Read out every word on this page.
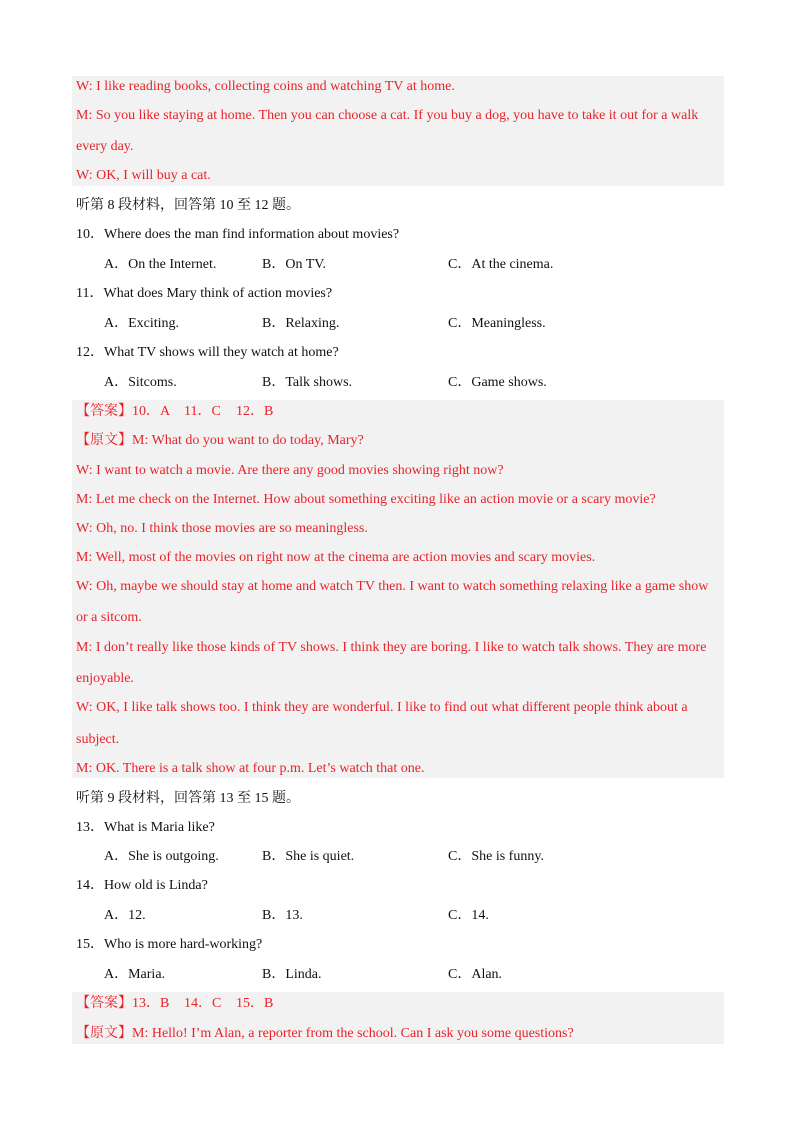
W: I like reading books, collecting coins and watching TV at home.
M: So you like staying at home. Then you can choose a cat. If you buy a dog, you have to take it out for a walk
every day.
W: OK, I will buy a cat.
听第 8 段材料，回答第 10 至 12 题。
10．Where does the man find information about movies?
A．On the Internet.	B．On TV.	C．At the cinema.
11．What does Mary think of action movies?
A．Exciting.	B．Relaxing.	C．Meaningless.
12．What TV shows will they watch at home?
A．Sitcoms.	B．Talk shows.	C．Game shows.
【答案】10．A 11．C 12．B
【原文】M: What do you want to do today, Mary?
W: I want to watch a movie. Are there any good movies showing right now?
M: Let me check on the Internet. How about something exciting like an action movie or a scary movie?
W: Oh, no. I think those movies are so meaningless.
M: Well, most of the movies on right now at the cinema are action movies and scary movies.
W: Oh, maybe we should stay at home and watch TV then. I want to watch something relaxing like a game show
or a sitcom.
M: I don’t really like those kinds of TV shows. I think they are boring. I like to watch talk shows. They are more
enjoyable.
W: OK, I like talk shows too. I think they are wonderful. I like to find out what different people think about a
subject.
M: OK. There is a talk show at four p.m. Let’s watch that one.
听第 9 段材料，回答第 13 至 15 题。
13．What is Maria like?
A．She is outgoing.	B．She is quiet.	C．She is funny.
14．How old is Linda?
A．12.	B．13.	C．14.
15．Who is more hard-working?
A．Maria.	B．Linda.	C．Alan.
【答案】13．B 14．C 15．B
【原文】M: Hello! I’m Alan, a reporter from the school. Can I ask you some questions?
